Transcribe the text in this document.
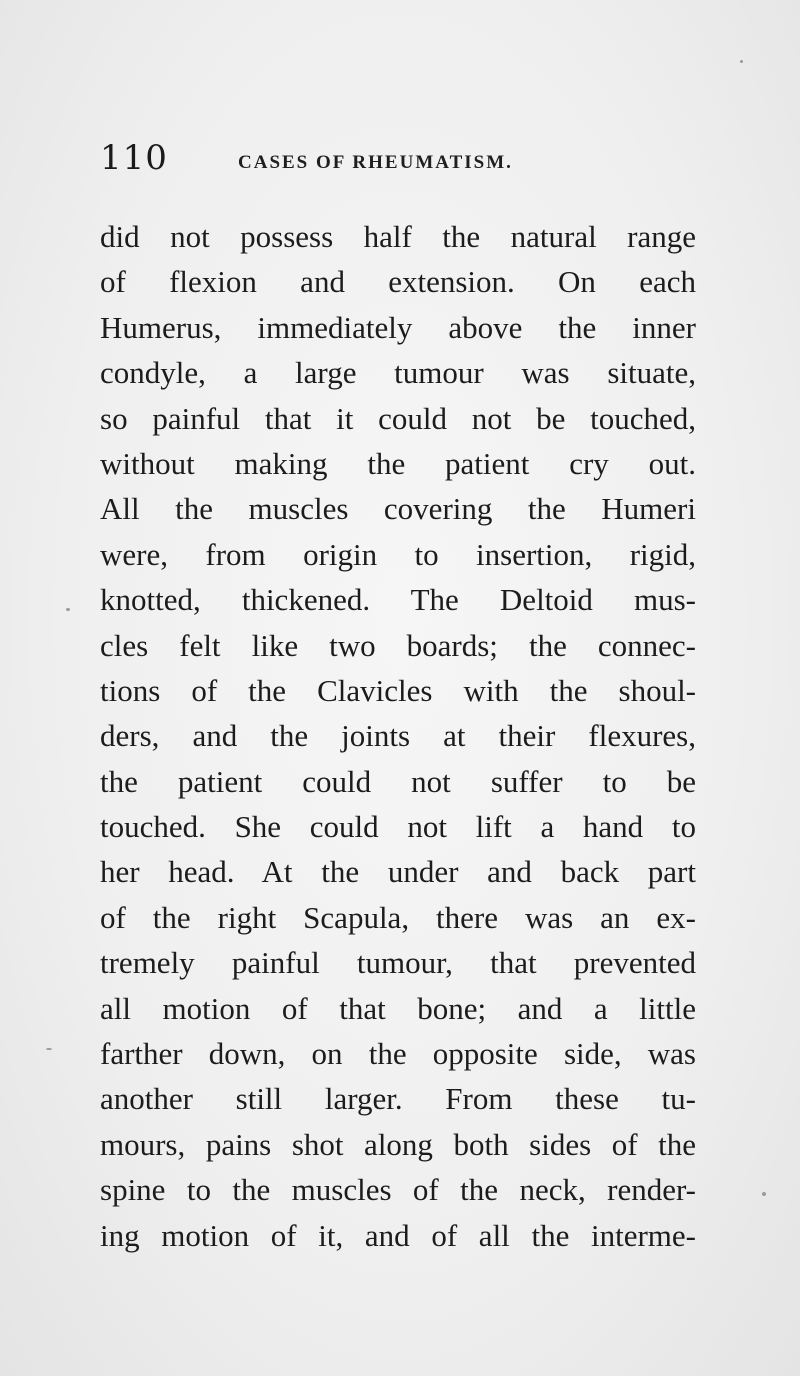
110	CASES OF RHEUMATISM.
did not possess half the natural range
of flexion and extension. On each
Humerus, immediately above the inner
condyle, a large tumour was situate,
so painful that it could not be touched,
without making the patient cry out.
All the muscles covering the Humeri
were, from origin to insertion, rigid,
knotted, thickened. The Deltoid mus-
cles felt like two boards; the connec-
tions of the Clavicles with the shoul-
ders, and the joints at their flexures,
the patient could not suffer to be
touched. She could not lift a hand to
her head. At the under and back part
of the right Scapula, there was an ex-
tremely painful tumour, that prevented
all motion of that bone; and a little
farther down, on the opposite side, was
another still larger. From these tu-
mours, pains shot along both sides of the
spine to the muscles of the neck, render-
ing motion of it, and of all the interme-
